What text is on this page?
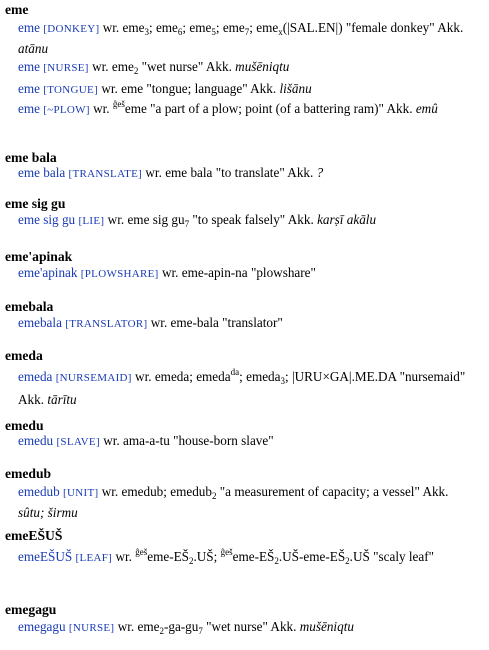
eme
eme [DONKEY] wr. eme$_3$; eme$_6$; eme$_5$; eme$_7$; eme$_x$(|SAL.EN|) "female donkey" Akk. atānu
eme [NURSE] wr. eme$_2$ "wet nurse" Akk. mušēniqtu
eme [TONGUE] wr. eme "tongue; language" Akk. lišānu
eme [~PLOW] wr. $^{ĝeš}$eme "a part of a plow; point (of a battering ram)" Akk. emû
eme bala
eme bala [TRANSLATE] wr. eme bala "to translate" Akk. ?
eme sig gu
eme sig gu [LIE] wr. eme sig $gu_7$ "to speak falsely" Akk. karṣī akālu
eme'apinak
eme'apinak [PLOWSHARE] wr. eme-apin-na "plowshare"
emebala
emebala [TRANSLATOR] wr. eme-bala "translator"
emeda
emeda [NURSEMAID] wr. emeda; emeda$^{da}$; emeda$_3$; |URU×GA|.ME.DA "nursemaid" Akk. tārītu
emedu
emedu [SLAVE] wr. ama-a-tu "house-born slave"
emedub
emedub [UNIT] wr. emedub; emedub$_2$ "a measurement of capacity; a vessel" Akk. sûtu; širmu
emeEŠUŠ
emeEŠUŠ [LEAF] wr. $^{ĝeš}eme-EŠ_2.UŠ$; $^{ĝeš}eme-EŠ_2.UŠ-eme-EŠ_2.UŠ$ "scaly leaf"
emegagu
emegagu [NURSE] wr. $eme_2-ga-gu_7$ "wet nurse" Akk. mušēniqtu
